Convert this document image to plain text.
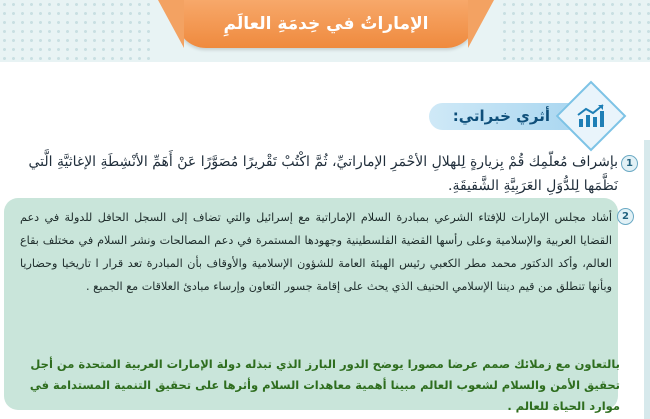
الإماراتُ في خِدمَةِ العالَمِ
أثري خبراتي:
1
بإشراف مُعلّمِك قُمْ بِزيارةٍ لِلهلالِ الأحْمَرِ الإماراتيِّ، ثُمَّ اكْتُبْ تَقْريرًا مُصَوَّرًا عَنْ أَهَمِّ الأنْشِطَةِ الإغاثيَّةِ الَّتي نَظَّمَها لِلدُّوَلِ العَرَبِيَّةِ الشَّقيقَةِ.
2
أشاد مجلس الإمارات للإفتاء الشرعي بمبادرة السلام الإماراتية مع إسرائيل والتي تضاف إلى السجل الحافل للدولة في دعم القضايا العربية والإسلامية وعلى رأسها القضية الفلسطينية وجهودها المستمرة في دعم المصالحات ونشر السلام في مختلف بقاع العالم، وأكد الدكتور محمد مطر الكعبي رئيس الهيئة العامة للشؤون الإسلامية والأوقاف بأن المبادرة تعد قرار ا تاريخيا وحضاريا وبأنها تنطلق من قيم ديننا الإسلامي الحنيف الذي يحث على إقامة جسور التعاون وإرساء مبادئ العلاقات مع الجميع .
بالتعاون مع زملائك صمم عرضا مصورا يوضح الدور البارز الذي تبذله دولة الإمارات العربية المتحدة من أجل تحقيق الأمن والسلام لشعوب العالم مبينا أهمية معاهدات السلام وأثرها على تحقيق التنمية المستدامة في موارد الحياة للعالم .
